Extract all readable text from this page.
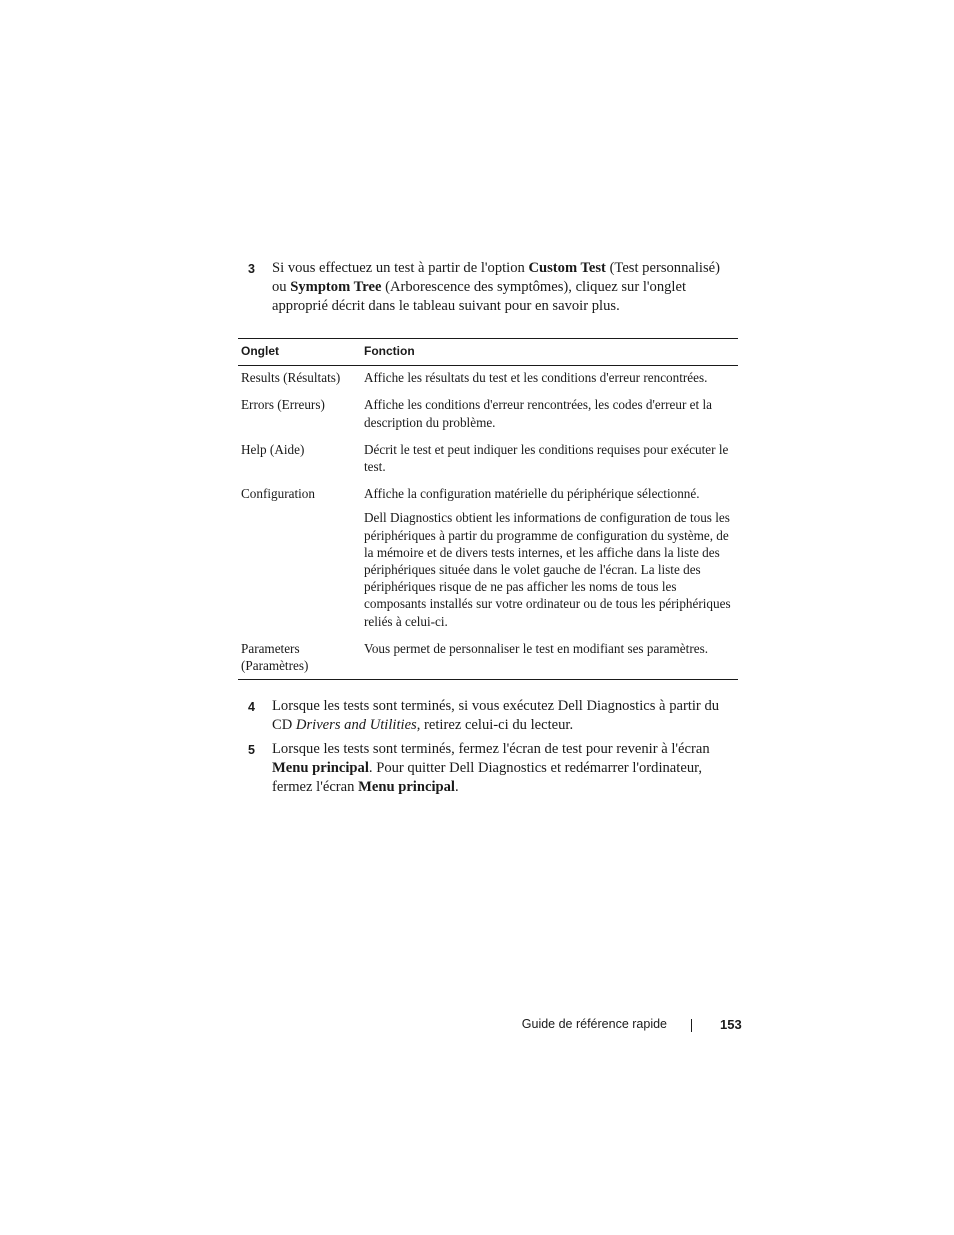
3 Si vous effectuez un test à partir de l'option Custom Test (Test personnalisé) ou Symptom Tree (Arborescence des symptômes), cliquez sur l'onglet approprié décrit dans le tableau suivant pour en savoir plus.
Onglet	Fonction
Results (Résultats)	Affiche les résultats du test et les conditions d'erreur rencontrées.
Errors (Erreurs)	Affiche les conditions d'erreur rencontrées, les codes d'erreur et la description du problème.
Help (Aide)	Décrit le test et peut indiquer les conditions requises pour exécuter le test.
Configuration	Affiche la configuration matérielle du périphérique sélectionné.
	Dell Diagnostics obtient les informations de configuration de tous les périphériques à partir du programme de configuration du système, de la mémoire et de divers tests internes, et les affiche dans la liste des périphériques située dans le volet gauche de l'écran. La liste des périphériques risque de ne pas afficher les noms de tous les composants installés sur votre ordinateur ou de tous les périphériques reliés à celui-ci.
Parameters (Paramètres)	Vous permet de personnaliser le test en modifiant ses paramètres.
4 Lorsque les tests sont terminés, si vous exécutez Dell Diagnostics à partir du CD Drivers and Utilities, retirez celui-ci du lecteur.
5 Lorsque les tests sont terminés, fermez l'écran de test pour revenir à l'écran Menu principal. Pour quitter Dell Diagnostics et redémarrer l'ordinateur, fermez l'écran Menu principal.
Guide de référence rapide	153
